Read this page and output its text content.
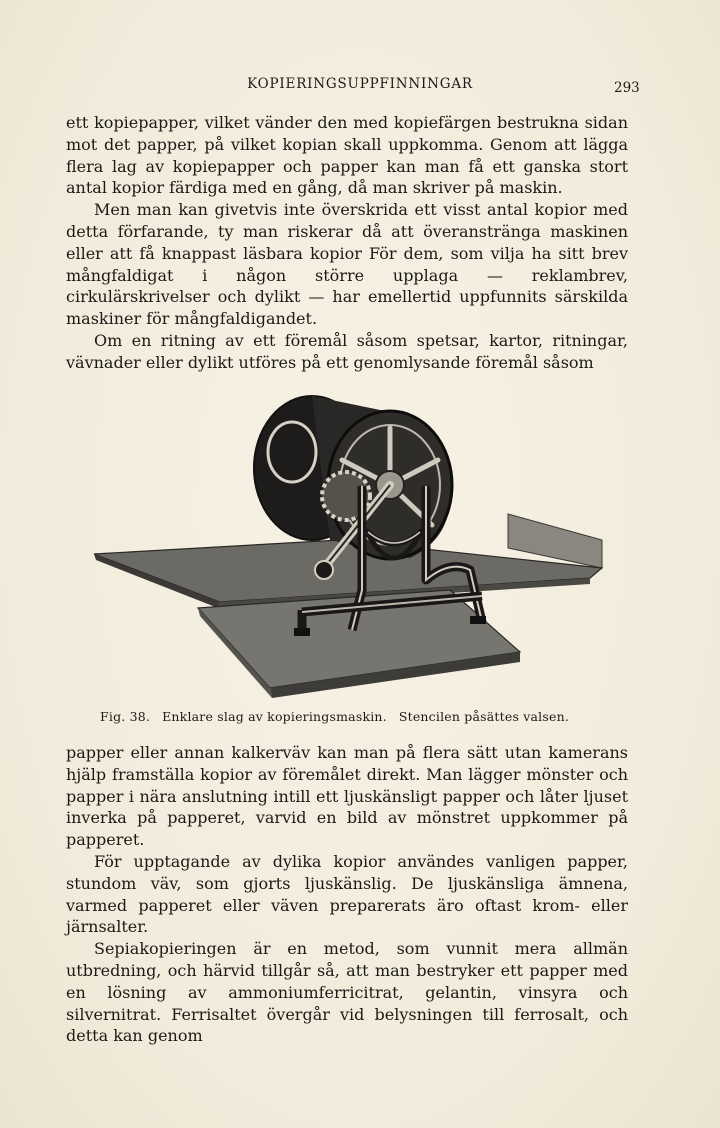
KOPIERINGSUPPFINNINGAR	293

ett kopiepapper, vilket vänder den med kopiefärgen bestrukna sidan mot det papper, på vilket kopian skall uppkomma. Genom att lägga flera lag av kopiepapper och papper kan man få ett ganska stort antal kopior färdiga med en gång, då man skriver på maskin.

Men man kan givetvis inte överskrida ett visst antal kopior med detta förfarande, ty man riskerar då att överanstränga maskinen eller att få knappast läsbara kopior För dem, som vilja ha sitt brev mångfaldigat i någon större upplaga — reklambrev, cirkulärskrivelser och dylikt — har emellertid uppfunnits särskilda maskiner för mångfaldigandet.

Om en ritning av ett föremål såsom spetsar, kartor, ritningar, vävnader eller dylikt utföres på ett genomlysande föremål såsom

Fig. 38. Enklare slag av kopieringsmaskin. Stencilen påsättes valsen.

papper eller annan kalkerväv kan man på flera sätt utan kamerans hjälp framställa kopior av föremålet direkt. Man lägger mönster och papper i nära anslutning intill ett ljuskänsligt papper och låter ljuset inverka på papperet, varvid en bild av mönstret uppkommer på papperet.

För upptagande av dylika kopior användes vanligen papper, stundom väv, som gjorts ljuskänslig. De ljuskänsliga ämnena, varmed papperet eller väven preparerats äro oftast krom- eller järnsalter.

Sepiakopieringen är en metod, som vunnit mera allmän utbredning, och härvid tillgår så, att man bestryker ett papper med en lösning av ammoniumferricitrat, gelantin, vinsyra och silvernitrat. Ferrisaltet övergår vid belysningen till ferrosalt, och detta kan genom
